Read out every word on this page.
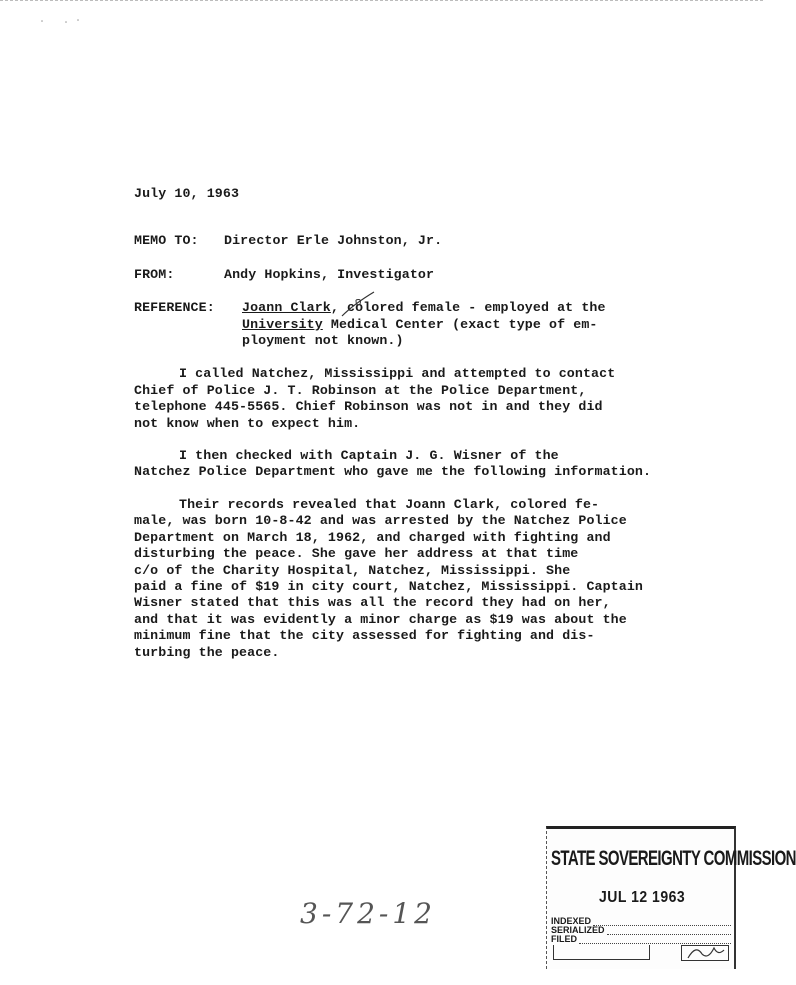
July 10, 1963
MEMO TO:	Director Erle Johnston, Jr.
FROM:	Andy Hopkins, Investigator
REFERENCE:	Joann Clark, colored female - employed at the
University Medical Center (exact type of em-
ployment not known.)

I called Natchez, Mississippi and attempted to contact
Chief of Police J. T. Robinson at the Police Department,
telephone 445-5565. Chief Robinson was not in and they did
not know when to expect him.

I then checked with Captain J. G. Wisner of the
Natchez Police Department who gave me the following information.

Their records revealed that Joann Clark, colored fe-
male, was born 10-8-42 and was arrested by the Natchez Police
Department on March 18, 1962, and charged with fighting and
disturbing the peace. She gave her address at that time
c/o of the Charity Hospital, Natchez, Mississippi. She
paid a fine of $19 in city court, Natchez, Mississippi. Captain
Wisner stated that this was all the record they had on her,
and that it was evidently a minor charge as $19 was about the
minimum fine that the city assessed for fighting and dis-
turbing the peace.

STATE SOVEREIGNTY COMMISSION
JUL 12 1963
INDEXED
SERIALIZED
FILED
3-72-12
